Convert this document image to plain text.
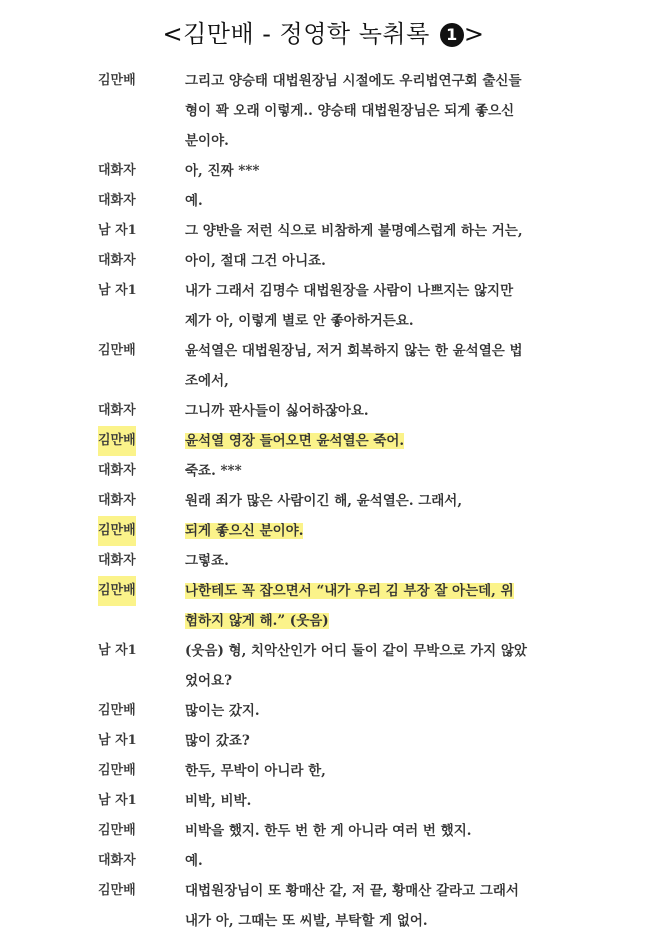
<김만배 - 정영학 녹취록 1 >
김만배	그리고 양승태 대법원장님 시절에도 우리법연구회 출신들
형이 꽉 오래 이렇게.. 양승태 대법원장님은 되게 좋으신
분이야.
대화자	아, 진짜 ***
대화자	예.
남 자1	그 양반을 저런 식으로 비참하게 불명예스럽게 하는 거는,
대화자	아이, 절대 그건 아니죠.
남 자1	내가 그래서 김명수 대법원장을 사람이 나쁘지는 않지만
제가 아, 이렇게 별로 안 좋아하거든요.
김만배	윤석열은 대법원장님, 저거 회복하지 않는 한 윤석열은 법
조에서,
대화자	그니까 판사들이 싫어하잖아요.
김만배	윤석열 영장 들어오면 윤석열은 죽어.
대화자	죽죠. ***
대화자	원래 죄가 많은 사람이긴 해, 윤석열은. 그래서,
김만배	되게 좋으신 분이야.
대화자	그렇죠.
김만배	나한테도 꼭 잡으면서 “내가 우리 김 부장 잘 아는데, 위
험하지 않게 해.” (웃음)
남 자1	(웃음) 형, 치악산인가 어디 둘이 같이 무박으로 가지 않았
었어요?
김만배	많이는 갔지.
남 자1	많이 갔죠?
김만배	한두, 무박이 아니라 한,
남 자1	비박, 비박.
김만배	비박을 했지. 한두 번 한 게 아니라 여러 번 했지.
대화자	예.
김만배	대법원장님이 또 황매산 같, 저 끝, 황매산 갈라고 그래서
내가 아, 그때는 또 씨발, 부탁할 게 없어.
